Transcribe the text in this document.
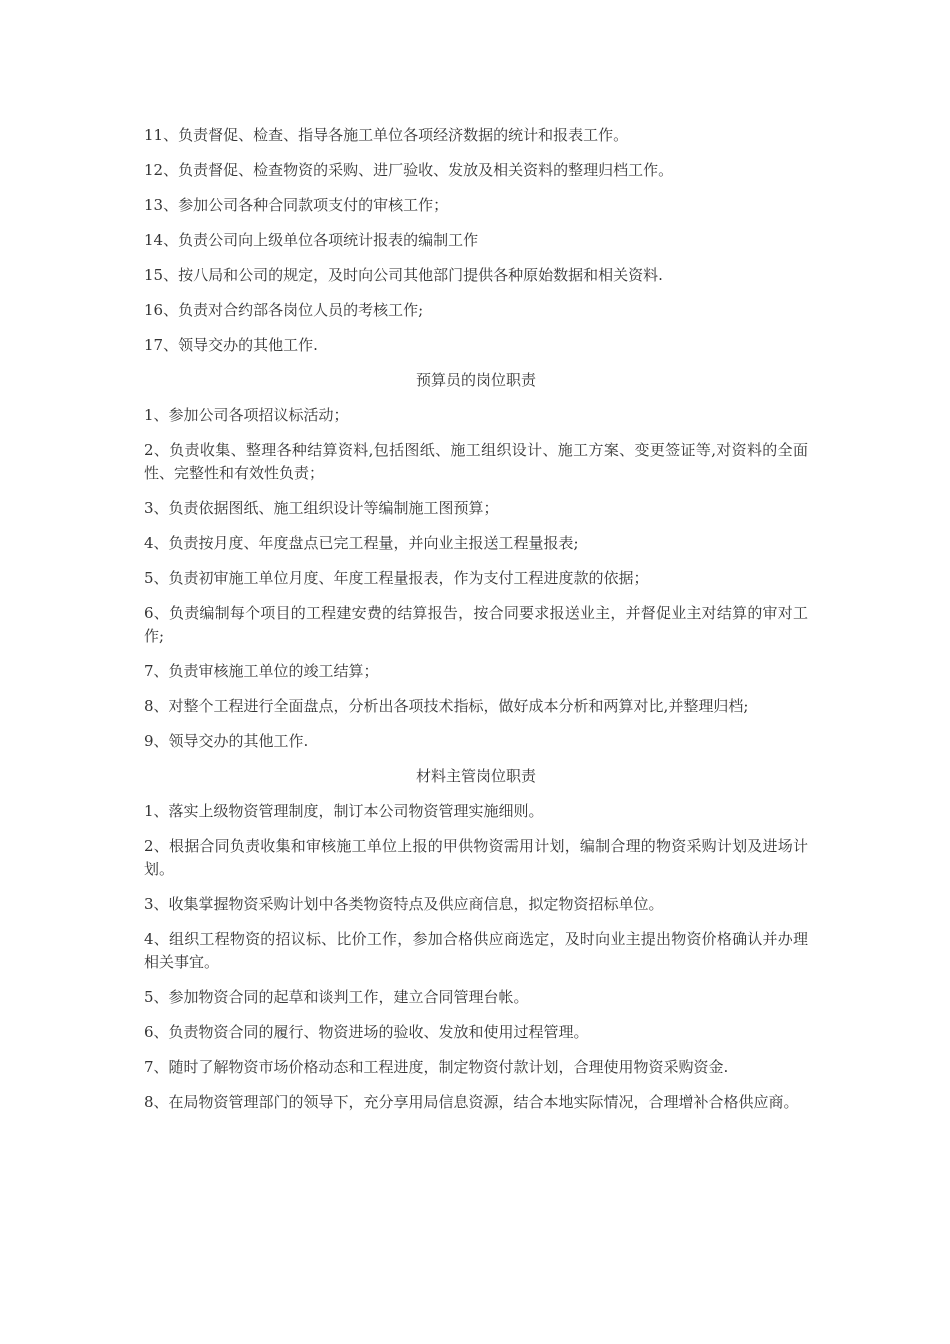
11、负责督促、检查、指导各施工单位各项经济数据的统计和报表工作。

12、负责督促、检查物资的采购、进厂验收、发放及相关资料的整理归档工作。

13、参加公司各种合同款项支付的审核工作；

14、负责公司向上级单位各项统计报表的编制工作

15、按八局和公司的规定，及时向公司其他部门提供各种原始数据和相关资料.

16、负责对合约部各岗位人员的考核工作;

17、领导交办的其他工作.

预算员的岗位职责

1、参加公司各项招议标活动；

2、负责收集、整理各种结算资料,包括图纸、施工组织设计、施工方案、变更签证等,对资料的全面性、完整性和有效性负责；

3、负责依据图纸、施工组织设计等编制施工图预算；

4、负责按月度、年度盘点已完工程量，并向业主报送工程量报表;

5、负责初审施工单位月度、年度工程量报表，作为支付工程进度款的依据；

6、负责编制每个项目的工程建安费的结算报告，按合同要求报送业主，并督促业主对结算的审对工作;

7、负责审核施工单位的竣工结算；

8、对整个工程进行全面盘点，分析出各项技术指标，做好成本分析和两算对比,并整理归档;

9、领导交办的其他工作.

材料主管岗位职责

1、落实上级物资管理制度，制订本公司物资管理实施细则。

2、根据合同负责收集和审核施工单位上报的甲供物资需用计划，编制合理的物资采购计划及进场计划。

3、收集掌握物资采购计划中各类物资特点及供应商信息，拟定物资招标单位。

4、组织工程物资的招议标、比价工作，参加合格供应商选定，及时向业主提出物资价格确认并办理相关事宜。

5、参加物资合同的起草和谈判工作，建立合同管理台帐。

6、负责物资合同的履行、物资进场的验收、发放和使用过程管理。

7、随时了解物资市场价格动态和工程进度，制定物资付款计划，合理使用物资采购资金.

8、在局物资管理部门的领导下，充分享用局信息资源，结合本地实际情况，合理增补合格供应商。
